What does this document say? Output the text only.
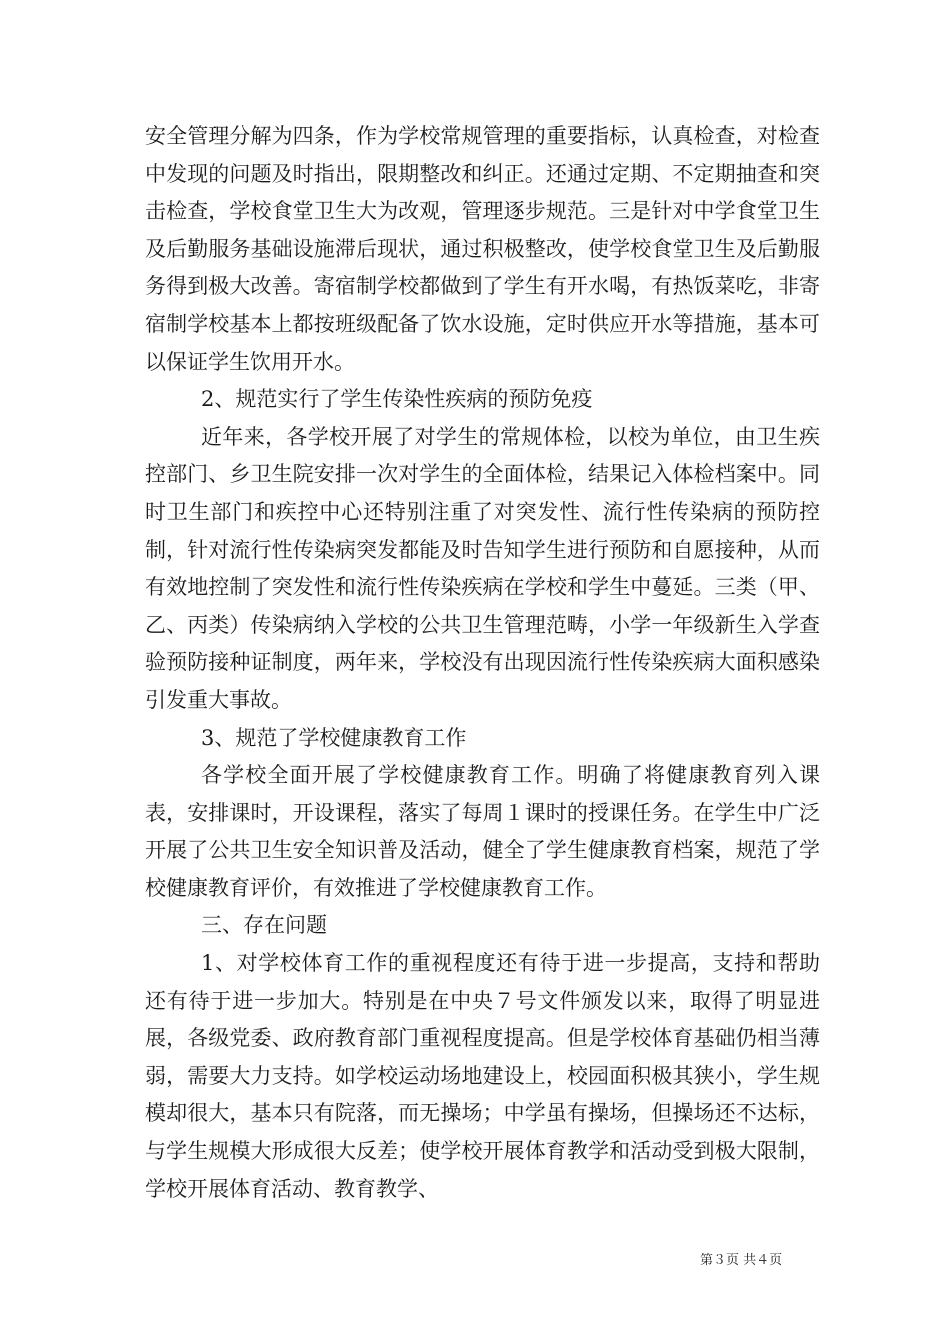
安全管理分解为四条，作为学校常规管理的重要指标，认真检查，对检查中发现的问题及时指出，限期整改和纠正。还通过定期、不定期抽查和突击检查，学校食堂卫生大为改观，管理逐步规范。三是针对中学食堂卫生及后勤服务基础设施滞后现状，通过积极整改，使学校食堂卫生及后勤服务得到极大改善。寄宿制学校都做到了学生有开水喝，有热饭菜吃，非寄宿制学校基本上都按班级配备了饮水设施，定时供应开水等措施，基本可以保证学生饮用开水。

2、规范实行了学生传染性疾病的预防免疫

近年来，各学校开展了对学生的常规体检，以校为单位，由卫生疾控部门、乡卫生院安排一次对学生的全面体检，结果记入体检档案中。同时卫生部门和疾控中心还特别注重了对突发性、流行性传染病的预防控制，针对流行性传染病突发都能及时告知学生进行预防和自愿接种，从而有效地控制了突发性和流行性传染疾病在学校和学生中蔓延。三类（甲、乙、丙类）传染病纳入学校的公共卫生管理范畴，小学一年级新生入学查验预防接种证制度，两年来，学校没有出现因流行性传染疾病大面积感染引发重大事故。

3、规范了学校健康教育工作

各学校全面开展了学校健康教育工作。明确了将健康教育列入课表，安排课时，开设课程，落实了每周１课时的授课任务。在学生中广泛开展了公共卫生安全知识普及活动，健全了学生健康教育档案，规范了学校健康教育评价，有效推进了学校健康教育工作。

三、存在问题

1、对学校体育工作的重视程度还有待于进一步提高，支持和帮助还有待于进一步加大。特别是在中央７号文件颁发以来，取得了明显进展，各级党委、政府教育部门重视程度提高。但是学校体育基础仍相当薄弱，需要大力支持。如学校运动场地建设上，校园面积极其狭小，学生规模却很大，基本只有院落，而无操场；中学虽有操场，但操场还不达标，与学生规模大形成很大反差；使学校开展体育教学和活动受到极大限制，学校开展体育活动、教育教学、

第３页 共４页
